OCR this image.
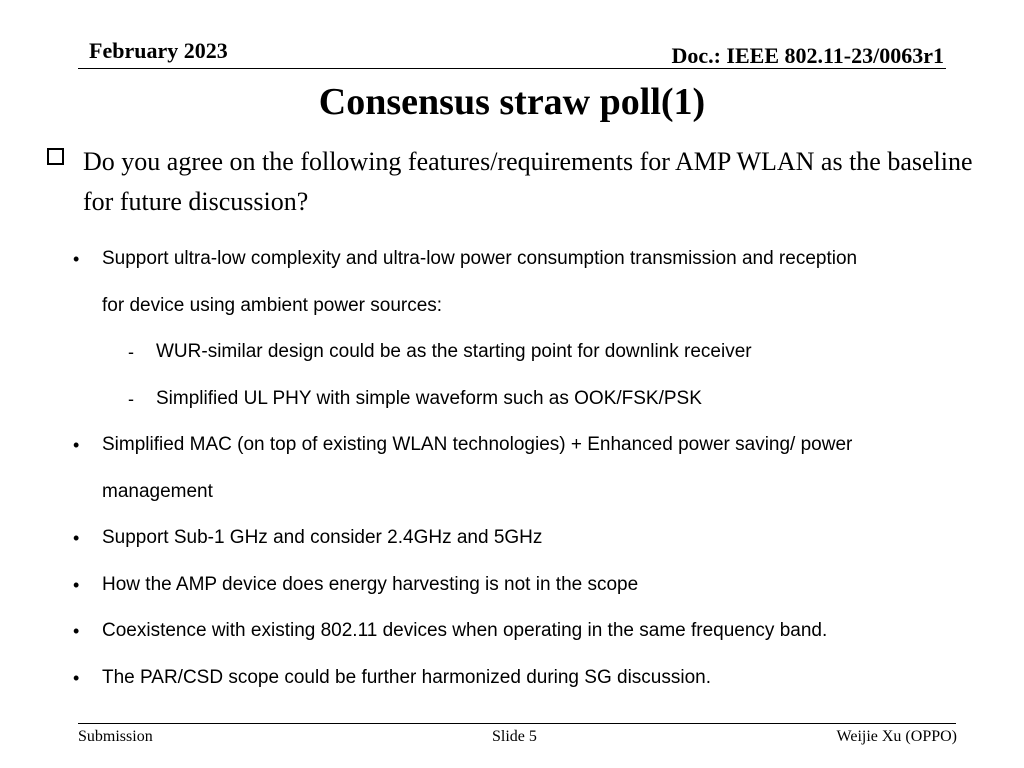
February 2023	Doc.: IEEE 802.11-23/0063r1
Consensus straw poll(1)
Do you agree on the following features/requirements for AMP WLAN as the baseline for future discussion?
• Support ultra-low complexity and ultra-low power consumption transmission and reception
for device using ambient power sources:
- WUR-similar design could be as the starting point for downlink receiver
- Simplified UL PHY with simple waveform such as OOK/FSK/PSK
• Simplified MAC (on top of existing WLAN technologies) + Enhanced power saving/ power
management
• Support Sub-1 GHz and consider 2.4GHz and 5GHz
• How the AMP device does energy harvesting is not in the scope
• Coexistence with existing 802.11 devices when operating in the same frequency band.
• The PAR/CSD scope could be further harmonized during SG discussion.
Submission	Slide 5	Weijie Xu (OPPO)
